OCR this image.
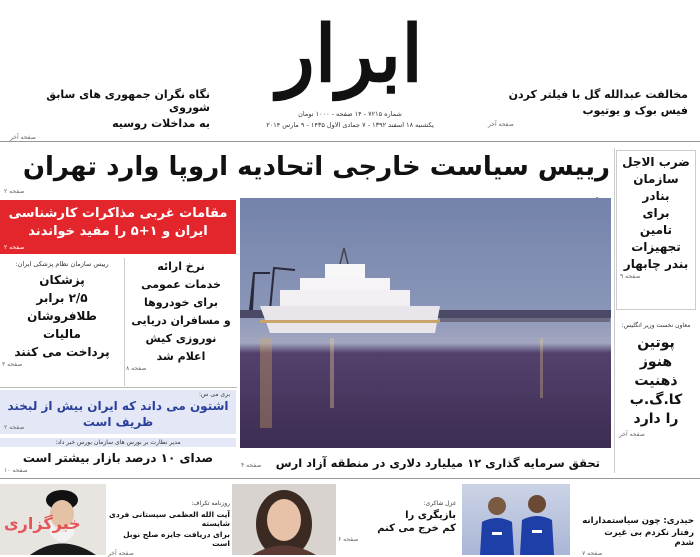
ابرار
شماره ۷۲۱۵ - ۱۴ صفحه - ۱۰۰۰ تومان
یکشنبه ۱۸ اسفند ۱۳۹۲ - ۷ جمادی الاول ۱۴۳۵ - ۹ مارس ۲۰۱۴
مخالفت عبدالله گل با فیلتر کردن
فیس بوک و یوتیوب
صفحه آخر
نگاه نگران جمهوری های سابق شوروی
به مداخلات روسیه
صفحه آخر
رییس سیاست خارجی اتحادیه اروپا وارد تهران
صفحه ۲
ضرب الاجل
سازمان
بنادر
برای
تامین
تجهیزات
بندر چابهار
صفحه ۹
معاون نخست وزیر انگلیس:
پوتین
هنوز
ذهنیت
کا.گ.ب
را دارد
صفحه آخر
تحقق سرمایه گذاری ۱۲ میلیارد دلاری در منطقه آزاد ارس
صفحه ۴
مقامات غربی مذاکرات کارشناسی
ایران و ۱+۵ را مفید خواندند
صفحه ۲
نرخ ارائه
خدمات عمومی
برای خودروها
و مسافران دریایی
نوروزی کیش
اعلام شد
صفحه ۸
رییس سازمان نظام پزشکی ایران:
پزشکان
۲/۵ برابر
طلافروشان
مالیات
پرداخت می کنند
صفحه ۳
بری می س:
اشتون می داند که ایران بیش از لبخند
ظریف است
صفحه ۲
مدیر نظارت بر بورس های سازمان بورس خبر داد:
صدای ۱۰ درصد بازار بیشتر است
صفحه ۱۰
حیدری: چون سیاستمدارانه
رفتار نکردم بی غیرت شدم
صفحه ۷
غزل شاکری:
بازیگری را
کم خرج می کنم
صفحه ۶
روزنامه تکراف:
آیت الله العظمی سیستانی فردی شایسته
برای دریافت جایزه صلح نوبل است
صفحه آخر
خبرگزاری
